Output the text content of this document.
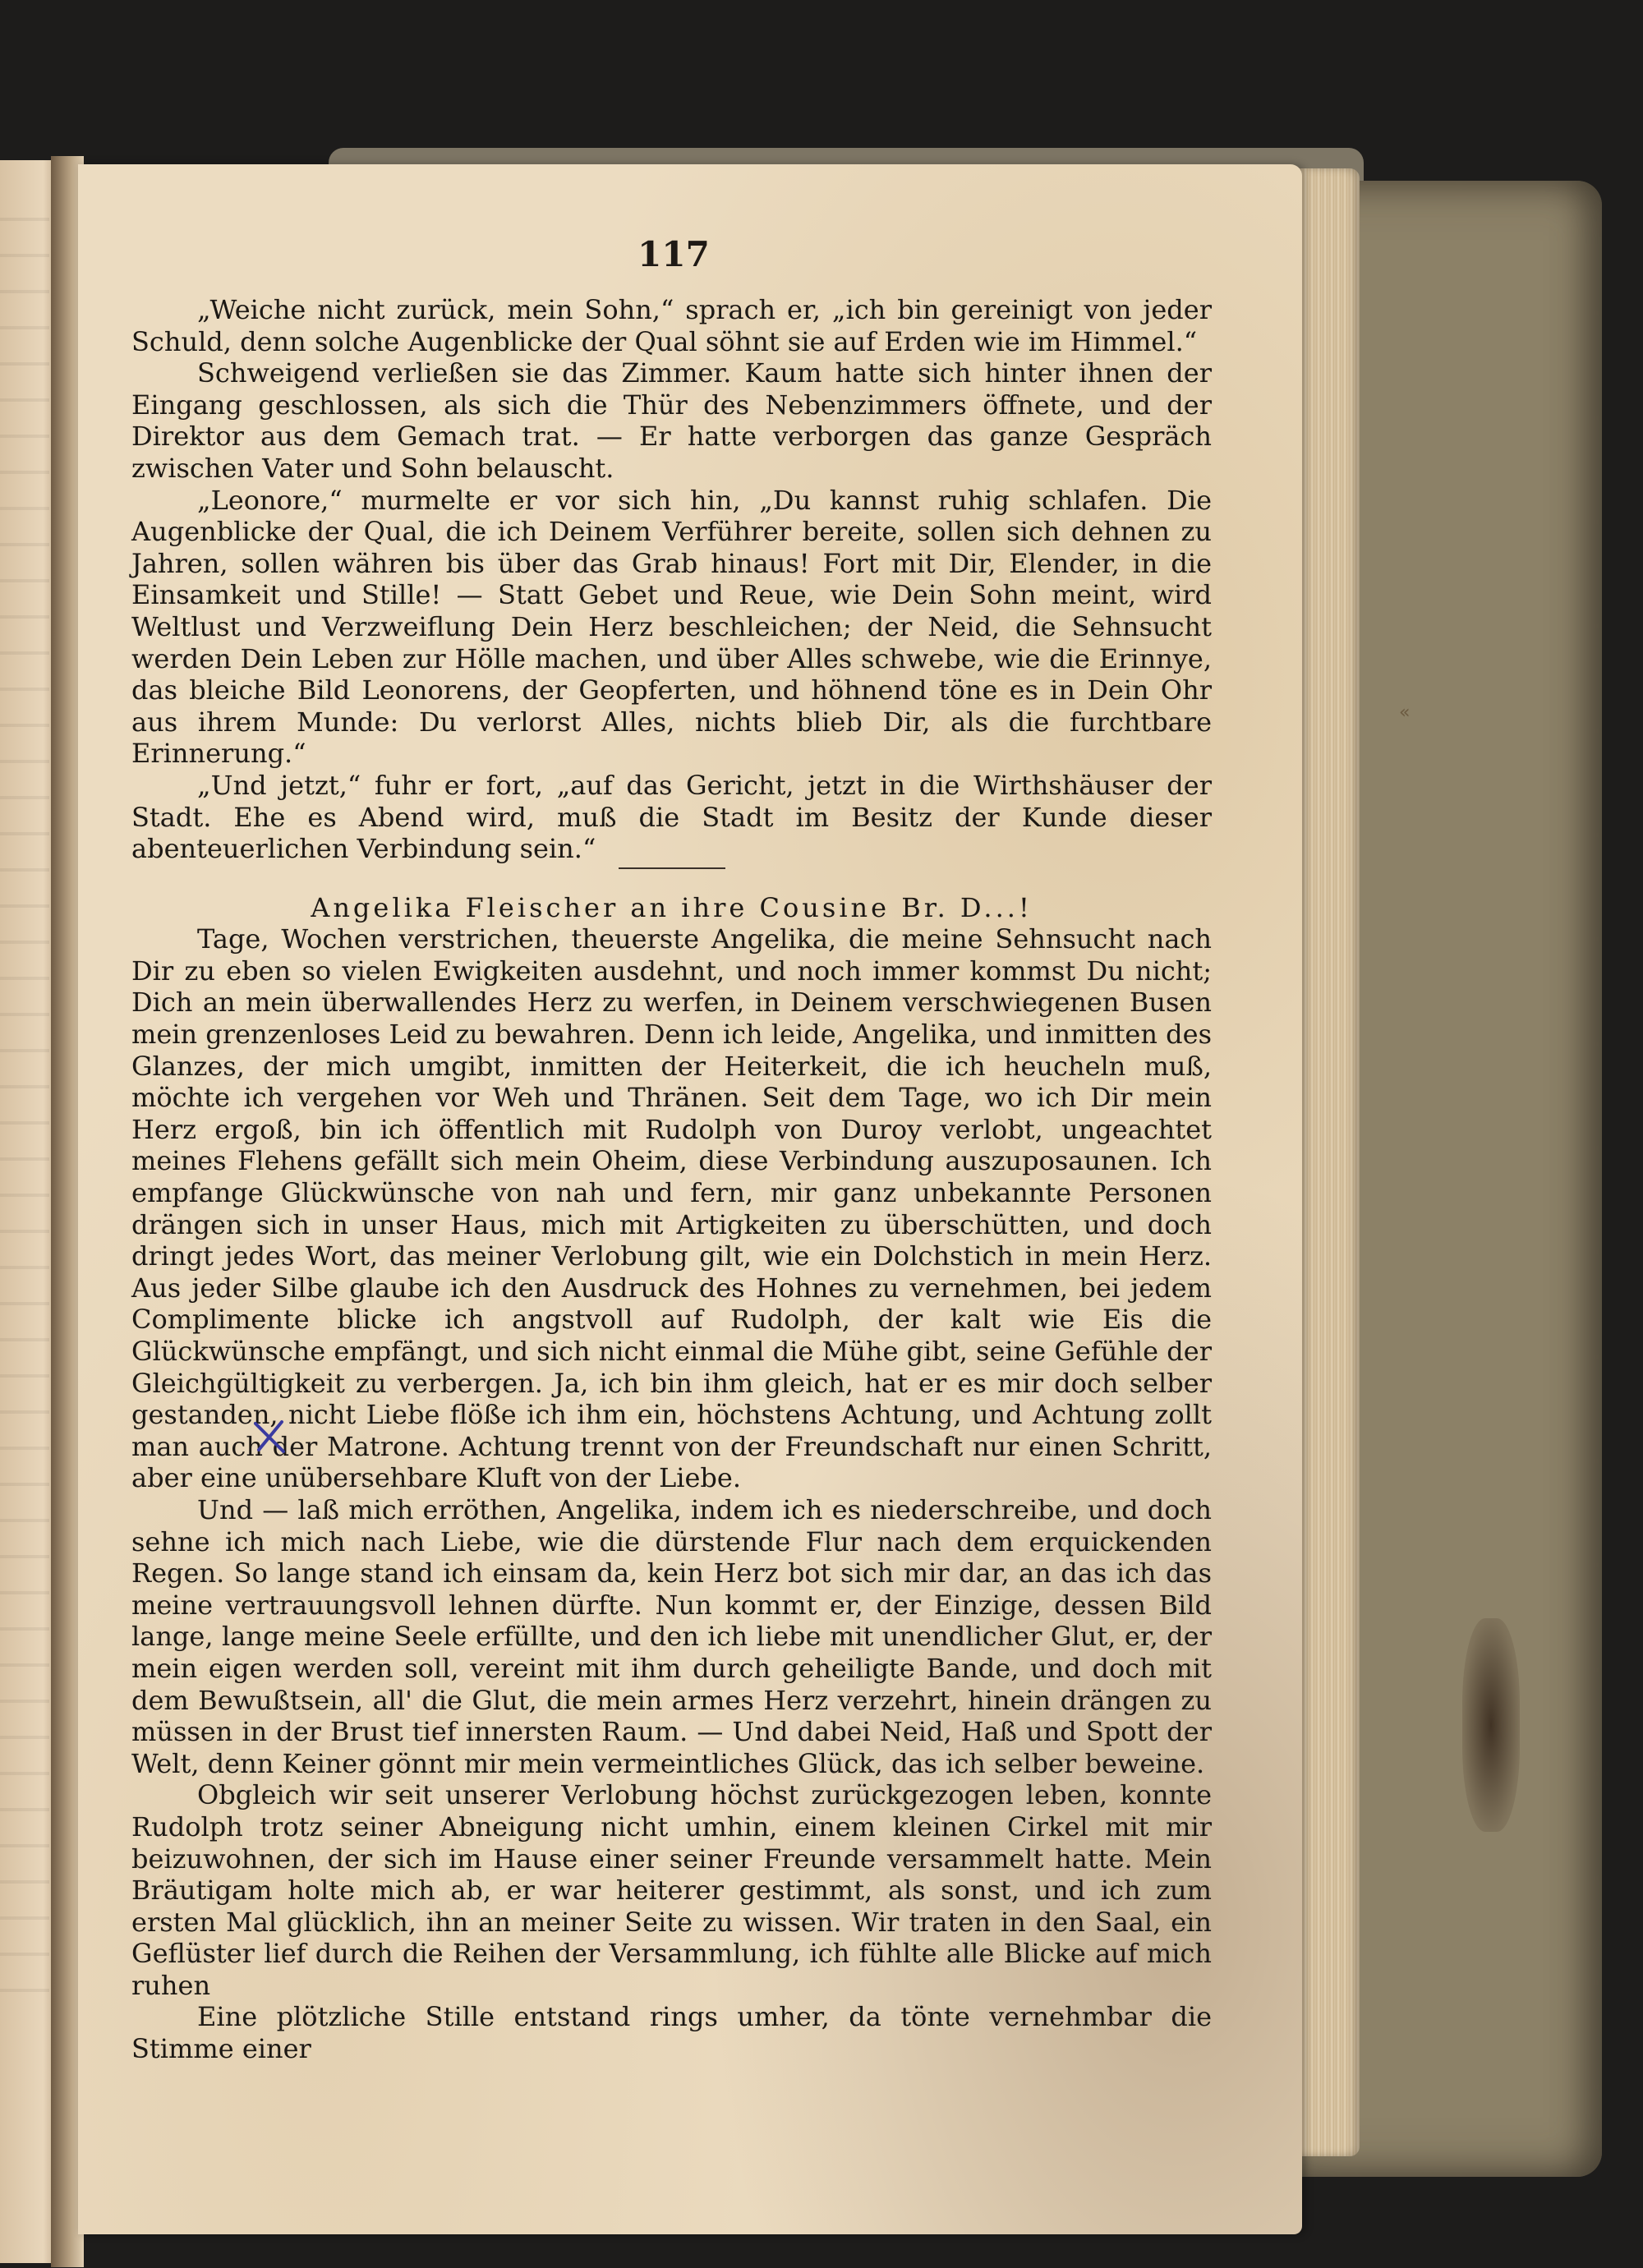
«
117

„Weiche nicht zurück, mein Sohn,“ sprach er, „ich bin gereinigt von jeder Schuld, denn solche Augenblicke der Qual söhnt sie auf Erden wie im Himmel.“

Schweigend verließen sie das Zimmer. Kaum hatte sich hinter ihnen der Eingang geschlossen, als sich die Thür des Nebenzimmers öffnete, und der Direktor aus dem Gemach trat. — Er hatte verborgen das ganze Gespräch zwischen Vater und Sohn belauscht.

„Leonore,“ murmelte er vor sich hin, „Du kannst ruhig schlafen. Die Augenblicke der Qual, die ich Deinem Verführer bereite, sollen sich dehnen zu Jahren, sollen währen bis über das Grab hinaus! Fort mit Dir, Elender, in die Einsamkeit und Stille! — Statt Gebet und Reue, wie Dein Sohn meint, wird Weltlust und Verzweiflung Dein Herz beschleichen; der Neid, die Sehnsucht werden Dein Leben zur Hölle machen, und über Alles schwebe, wie die Erinnye, das bleiche Bild Leonorens, der Geopferten, und höhnend töne es in Dein Ohr aus ihrem Munde: Du verlorst Alles, nichts blieb Dir, als die furchtbare Erinnerung.“

„Und jetzt,“ fuhr er fort, „auf das Gericht, jetzt in die Wirthshäuser der Stadt. Ehe es Abend wird, muß die Stadt im Besitz der Kunde dieser abenteuerlichen Verbindung sein.“

Angelika Fleischer an ihre Cousine Br. D...!

Tage, Wochen verstrichen, theuerste Angelika, die meine Sehnsucht nach Dir zu eben so vielen Ewigkeiten ausdehnt, und noch immer kommst Du nicht; Dich an mein überwallendes Herz zu werfen, in Deinem verschwiegenen Busen mein grenzenloses Leid zu bewahren. Denn ich leide, Angelika, und inmitten des Glanzes, der mich umgibt, inmitten der Heiterkeit, die ich heucheln muß, möchte ich vergehen vor Weh und Thränen. Seit dem Tage, wo ich Dir mein Herz ergoß, bin ich öffentlich mit Rudolph von Duroy verlobt, ungeachtet meines Flehens gefällt sich mein Oheim, diese Verbindung auszuposaunen. Ich empfange Glückwünsche von nah und fern, mir ganz unbekannte Personen drängen sich in unser Haus, mich mit Artigkeiten zu überschütten, und doch dringt jedes Wort, das meiner Verlobung gilt, wie ein Dolchstich in mein Herz. Aus jeder Silbe glaube ich den Ausdruck des Hohnes zu vernehmen, bei jedem Complimente blicke ich angstvoll auf Rudolph, der kalt wie Eis die Glückwünsche empfängt, und sich nicht einmal die Mühe gibt, seine Gefühle der Gleichgültigkeit zu verbergen. Ja, ich bin ihm gleich, hat er es mir doch selber gestanden, nicht Liebe flöße ich ihm ein, höchstens Achtung, und Achtung zollt man auch der Matrone. Achtung trennt von der Freundschaft nur einen Schritt, aber eine unübersehbare Kluft von der Liebe.

Und — laß mich erröthen, Angelika, indem ich es niederschreibe, und doch sehne ich mich nach Liebe, wie die dürstende Flur nach dem erquickenden Regen. So lange stand ich einsam da, kein Herz bot sich mir dar, an das ich das meine vertrauungsvoll lehnen dürfte. Nun kommt er, der Einzige, dessen Bild lange, lange meine Seele erfüllte, und den ich liebe mit unendlicher Glut, er, der mein eigen werden soll, vereint mit ihm durch geheiligte Bande, und doch mit dem Bewußtsein, all' die Glut, die mein armes Herz verzehrt, hinein drängen zu müssen in der Brust tief innersten Raum. — Und dabei Neid, Haß und Spott der Welt, denn Keiner gönnt mir mein vermeintliches Glück, das ich selber beweine.

Obgleich wir seit unserer Verlobung höchst zurückgezogen leben, konnte Rudolph trotz seiner Abneigung nicht umhin, einem kleinen Cirkel mit mir beizuwohnen, der sich im Hause einer seiner Freunde versammelt hatte. Mein Bräutigam holte mich ab, er war heiterer gestimmt, als sonst, und ich zum ersten Mal glücklich, ihn an meiner Seite zu wissen. Wir traten in den Saal, ein Geflüster lief durch die Reihen der Versammlung, ich fühlte alle Blicke auf mich ruhen

Eine plötzliche Stille entstand rings umher, da tönte vernehmbar die Stimme einer
